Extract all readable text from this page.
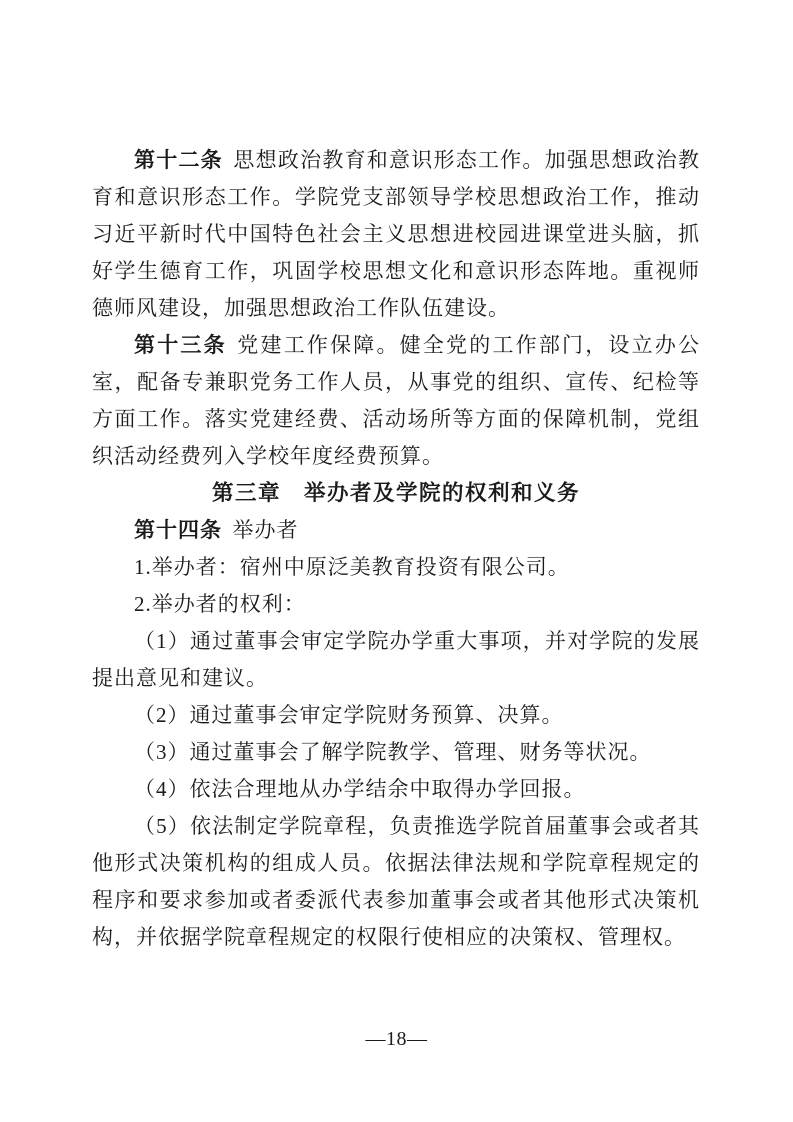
第十二条 思想政治教育和意识形态工作。加强思想政治教育和意识形态工作。学院党支部领导学校思想政治工作，推动习近平新时代中国特色社会主义思想进校园进课堂进头脑，抓好学生德育工作，巩固学校思想文化和意识形态阵地。重视师德师风建设，加强思想政治工作队伍建设。

第十三条 党建工作保障。健全党的工作部门，设立办公室，配备专兼职党务工作人员，从事党的组织、宣传、纪检等方面工作。落实党建经费、活动场所等方面的保障机制，党组织活动经费列入学校年度经费预算。

第三章　举办者及学院的权利和义务

第十四条 举办者

1.举办者：宿州中原泛美教育投资有限公司。

2.举办者的权利：

（1）通过董事会审定学院办学重大事项，并对学院的发展提出意见和建议。

（2）通过董事会审定学院财务预算、决算。

（3）通过董事会了解学院教学、管理、财务等状况。

（4）依法合理地从办学结余中取得办学回报。

（5）依法制定学院章程，负责推选学院首届董事会或者其他形式决策机构的组成人员。依据法律法规和学院章程规定的程序和要求参加或者委派代表参加董事会或者其他形式决策机构，并依据学院章程规定的权限行使相应的决策权、管理权。

—18—
